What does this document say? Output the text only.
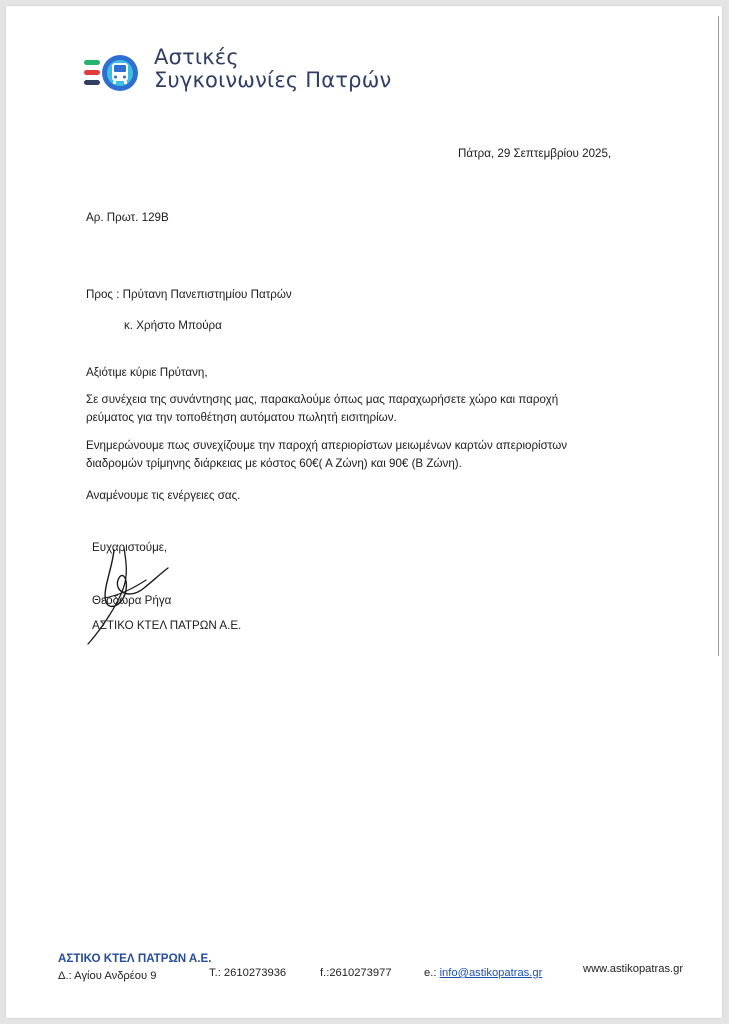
Αστικές
Συγκοινωνίες Πατρών
Πάτρα, 29 Σεπτεμβρίου 2025,
Αρ. Πρωτ. 129Β
Προς : Πρύτανη Πανεπιστημίου Πατρών
κ. Χρήστο Μπούρα
Αξιότιμε κύριε Πρύτανη,
Σε συνέχεια της συνάντησης μας, παρακαλούμε όπως μας παραχωρήσετε χώρο και παροχή
ρεύματος για την τοποθέτηση αυτόματου πωλητή εισιτηρίων.
Ενημερώνουμε πως συνεχίζουμε την παροχή απεριορίστων μειωμένων καρτών απεριορίστων
διαδρομών τρίμηνης διάρκειας με κόστος 60€( Α Ζώνη) και 90€ (Β Ζώνη).
Αναμένουμε τις ενέργειες σας.
Ευχαριστούμε,
Θεοδώρα Ρήγα
ΑΣΤΙΚΟ ΚΤΕΛ ΠΑΤΡΩΝ Α.Ε.
ΑΣΤΙΚΟ ΚΤΕΛ ΠΑΤΡΩΝ Α.Ε.
Δ.: Αγίου Ανδρέου 9	Τ.: 2610273936	f.:2610273977	e.: info@astikopatras.gr	www.astikopatras.gr
